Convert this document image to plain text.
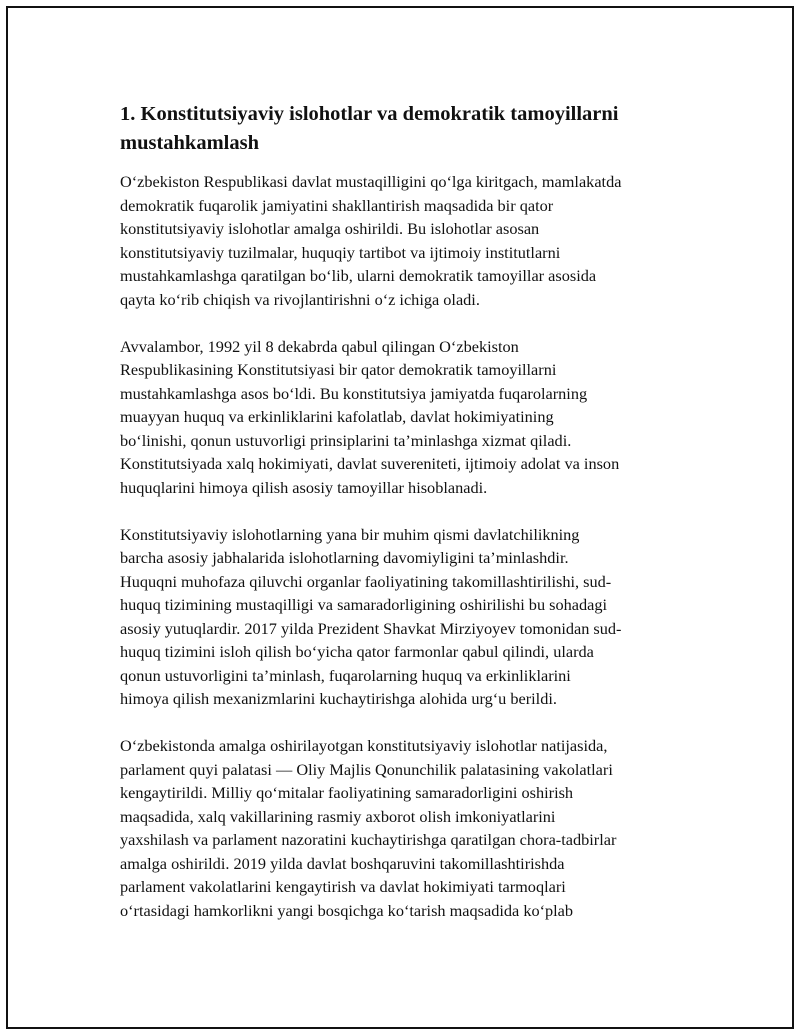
1. Konstitutsiyaviy islohotlar va demokratik tamoyillarni
mustahkamlash

O‘zbekiston Respublikasi davlat mustaqilligini qo‘lga kiritgach, mamlakatda
demokratik fuqarolik jamiyatini shakllantirish maqsadida bir qator
konstitutsiyaviy islohotlar amalga oshirildi. Bu islohotlar asosan
konstitutsiyaviy tuzilmalar, huquqiy tartibot va ijtimoiy institutlarni
mustahkamlashga qaratilgan bo‘lib, ularni demokratik tamoyillar asosida
qayta ko‘rib chiqish va rivojlantirishni o‘z ichiga oladi.

Avvalambor, 1992 yil 8 dekabrda qabul qilingan O‘zbekiston
Respublikasining Konstitutsiyasi bir qator demokratik tamoyillarni
mustahkamlashga asos bo‘ldi. Bu konstitutsiya jamiyatda fuqarolarning
muayyan huquq va erkinliklarini kafolatlab, davlat hokimiyatining
bo‘linishi, qonun ustuvorligi prinsiplarini ta’minlashga xizmat qiladi.
Konstitutsiyada xalq hokimiyati, davlat suvereniteti, ijtimoiy adolat va inson
huquqlarini himoya qilish asosiy tamoyillar hisoblanadi.

Konstitutsiyaviy islohotlarning yana bir muhim qismi davlatchilikning
barcha asosiy jabhalarida islohotlarning davomiyligini ta’minlashdir.
Huquqni muhofaza qiluvchi organlar faoliyatining takomillashtirilishi, sud-
huquq tizimining mustaqilligi va samaradorligining oshirilishi bu sohadagi
asosiy yutuqlardir. 2017 yilda Prezident Shavkat Mirziyoyev tomonidan sud-
huquq tizimini isloh qilish bo‘yicha qator farmonlar qabul qilindi, ularda
qonun ustuvorligini ta’minlash, fuqarolarning huquq va erkinliklarini
himoya qilish mexanizmlarini kuchaytirishga alohida urg‘u berildi.

O‘zbekistonda amalga oshirilayotgan konstitutsiyaviy islohotlar natijasida,
parlament quyi palatasi — Oliy Majlis Qonunchilik palatasining vakolatlari
kengaytirildi. Milliy qo‘mitalar faoliyatining samaradorligini oshirish
maqsadida, xalq vakillarining rasmiy axborot olish imkoniyatlarini
yaxshilash va parlament nazoratini kuchaytirishga qaratilgan chora-tadbirlar
amalga oshirildi. 2019 yilda davlat boshqaruvini takomillashtirishda
parlament vakolatlarini kengaytirish va davlat hokimiyati tarmoqlari
o‘rtasidagi hamkorlikni yangi bosqichga ko‘tarish maqsadida ko‘plab
